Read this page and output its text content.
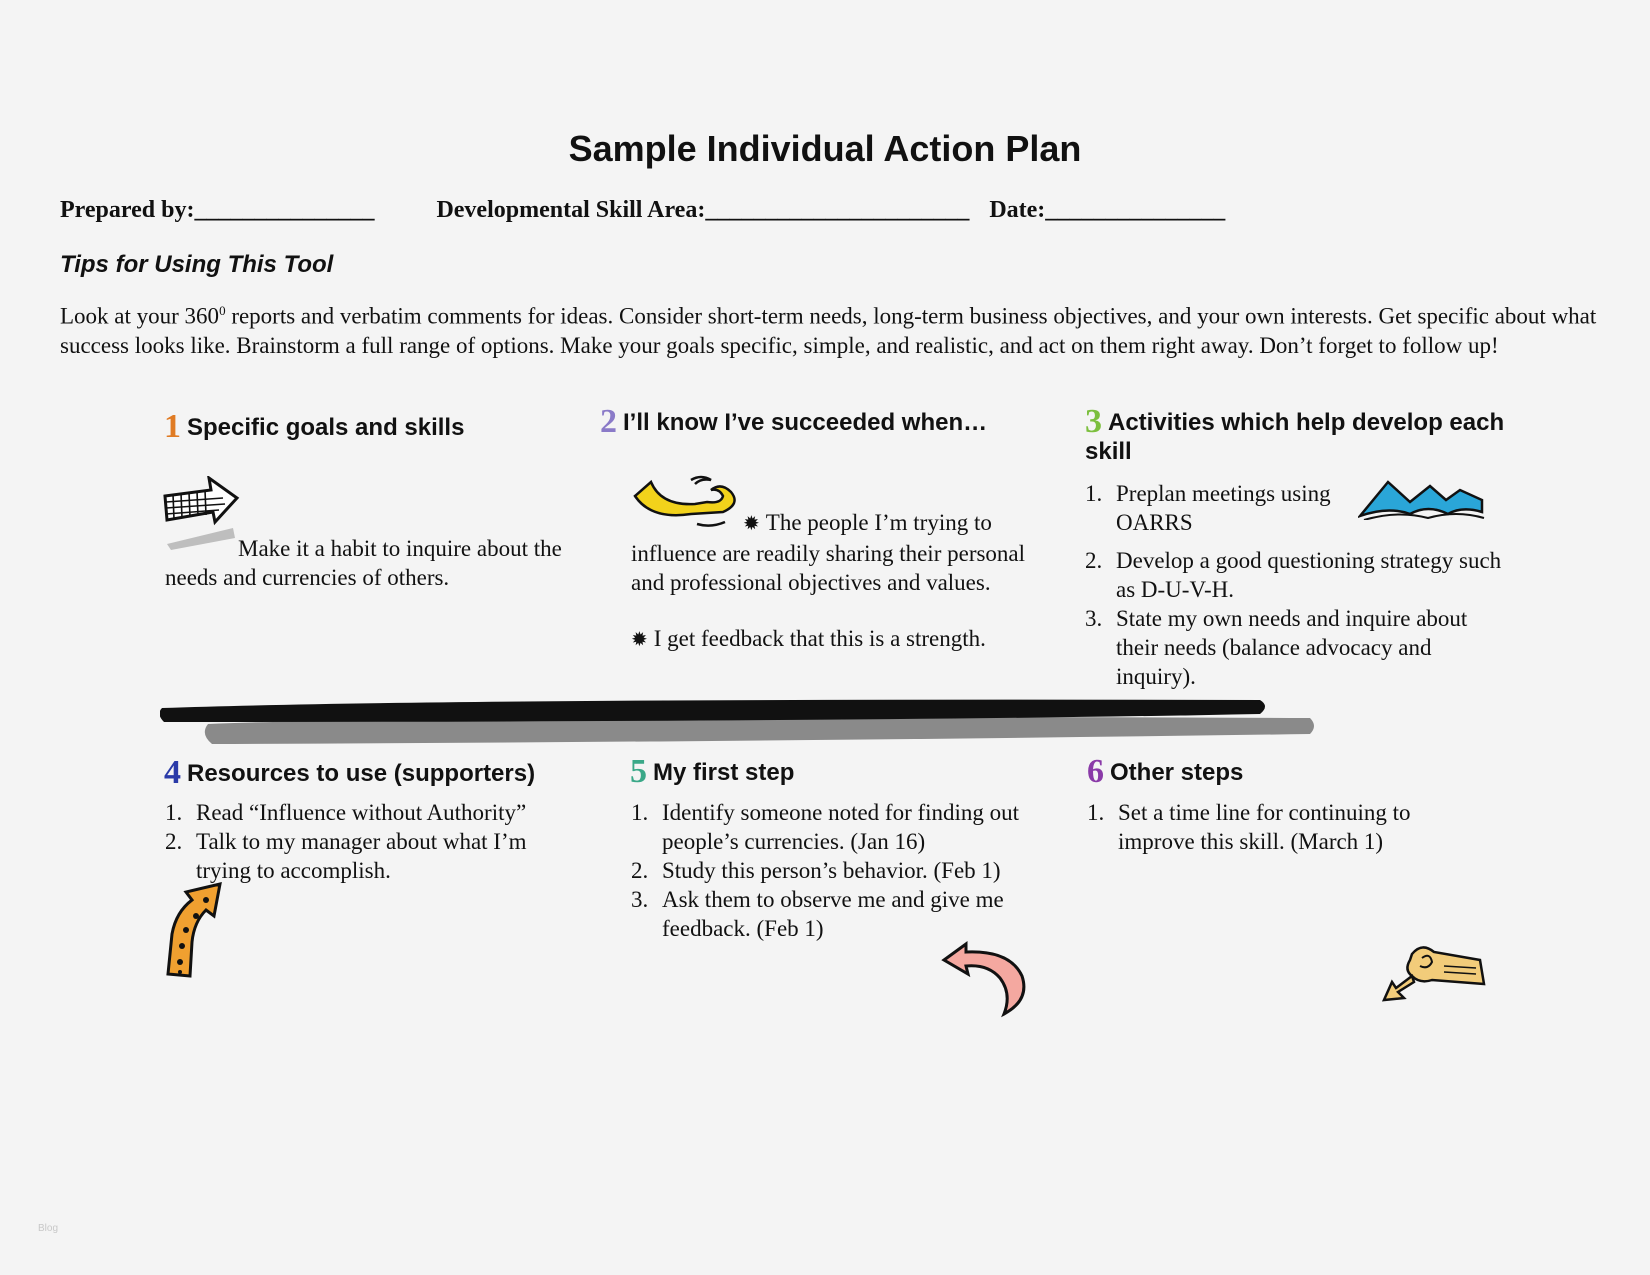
Sample Individual Action Plan
Prepared by:_______________	Developmental Skill Area:______________________ Date:_______________
Tips for Using This Tool
Look at your $360^0$ reports and verbatim comments for ideas. Consider short-term needs, long-term business objectives, and your own interests. Get specific about what success looks like. Brainstorm a full range of options. Make your goals specific, simple, and realistic, and act on them right away. Don’t forget to follow up!
1 Specific goals and skills
Make it a habit to inquire about the needs and currencies of others.
2 I’ll know I’ve succeeded when…
✹ The people I’m trying to influence are readily sharing their personal and professional objectives and values.
✹ I get feedback that this is a strength.
3 Activities which help develop each skill
1. Preplan meetings using OARRS
2. Develop a good questioning strategy such as D-U-V-H.
3. State my own needs and inquire about their needs (balance advocacy and inquiry).
4 Resources to use (supporters)
1. Read “Influence without Authority”
2. Talk to my manager about what I’m trying to accomplish.
5 My first step
1. Identify someone noted for finding out people’s currencies. (Jan 16)
2. Study this person’s behavior. (Feb 1)
3. Ask them to observe me and give me feedback. (Feb 1)
6 Other steps
1. Set a time line for continuing to improve this skill. (March 1)
Blog
